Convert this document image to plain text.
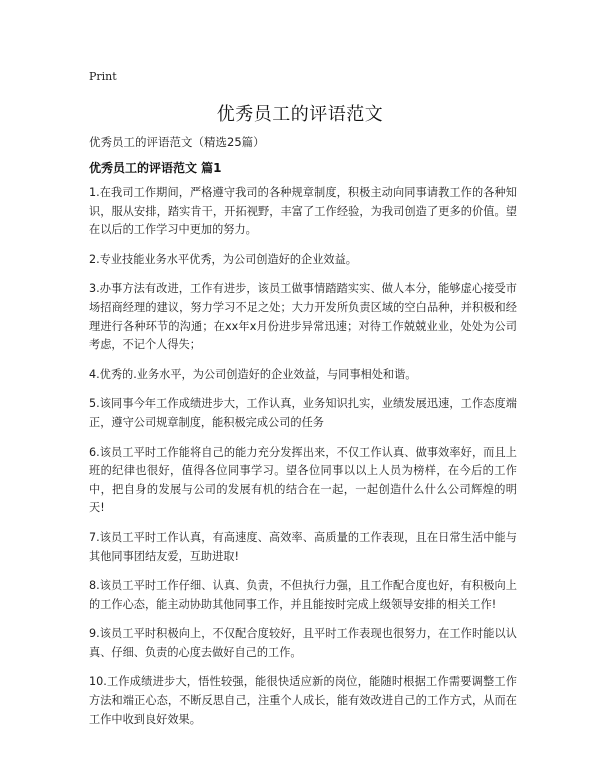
Print
优秀员工的评语范文
优秀员工的评语范文（精选25篇）
优秀员工的评语范文 篇1

1.在我司工作期间，严格遵守我司的各种规章制度，积极主动向同事请教工作的各种知识，服从安排，踏实肯干，开拓视野，丰富了工作经验，为我司创造了更多的价值。望在以后的工作学习中更加的努力。

2.专业技能业务水平优秀，为公司创造好的企业效益。

3.办事方法有改进，工作有进步，该员工做事情踏踏实实、做人本分，能够虚心接受市场招商经理的建议，努力学习不足之处；大力开发所负责区域的空白品种，并积极和经理进行各种环节的沟通；在xx年x月份进步异常迅速；对待工作兢兢业业，处处为公司考虑，不记个人得失；

4.优秀的.业务水平，为公司创造好的企业效益，与同事相处和谐。

5.该同事今年工作成绩进步大，工作认真，业务知识扎实，业绩发展迅速，工作态度端正，遵守公司规章制度，能积极完成公司的任务

6.该员工平时工作能将自己的能力充分发挥出来，不仅工作认真、做事效率好，而且上班的纪律也很好，值得各位同事学习。望各位同事以以上人员为榜样，在今后的工作中，把自身的发展与公司的发展有机的结合在一起，一起创造什么什么公司辉煌的明天!

7.该员工平时工作认真，有高速度、高效率、高质量的工作表现，且在日常生活中能与其他同事团结友爱，互助进取!

8.该员工平时工作仔细、认真、负责，不但执行力强，且工作配合度也好，有积极向上的工作心态，能主动协助其他同事工作，并且能按时完成上级领导安排的相关工作!

9.该员工平时积极向上，不仅配合度较好，且平时工作表现也很努力，在工作时能以认真、仔细、负责的心度去做好自己的工作。

10.工作成绩进步大，悟性较强，能很快适应新的岗位，能随时根据工作需要调整工作方法和端正心态，不断反思自己，注重个人成长，能有效改进自己的工作方式，从而在工作中收到良好效果。
